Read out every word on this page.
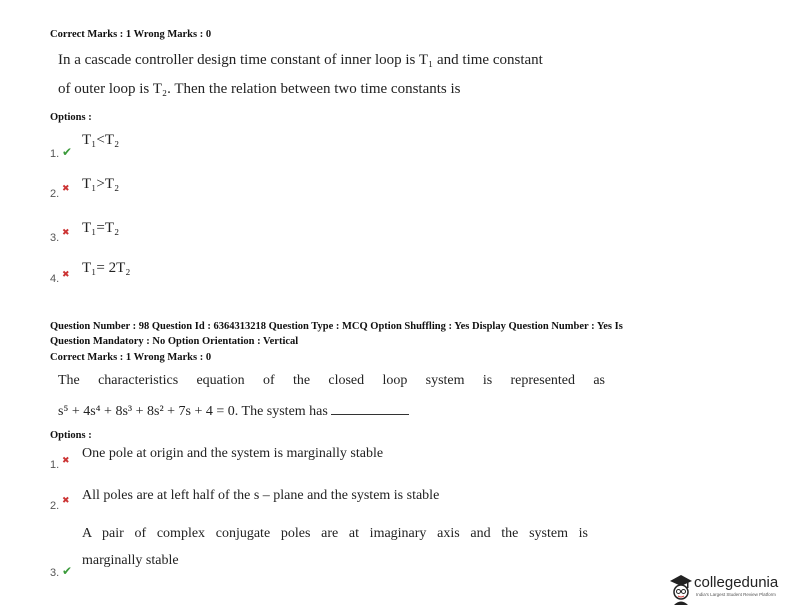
Correct Marks : 1 Wrong Marks : 0
In a cascade controller design time constant of inner loop is T₁ and time constant
of outer loop is T₂. Then the relation between two time constants is
Options :
1. ✔
T₁<T₂
2. ✖ T₁>T₂
3. ✖ T₁=T₂
4. ✖ T₁= 2T₂
Question Number : 98 Question Id : 6364313218 Question Type : MCQ Option Shuffling : Yes Display Question Number : Yes Is
Question Mandatory : No Option Orientation : Vertical
Correct Marks : 1 Wrong Marks : 0
The characteristics equation of the closed loop system is represented as
s⁵ + 4s⁴ + 8s³ + 8s² + 7s + 4 = 0. The system has
Options :
1. ✖ One pole at origin and the system is marginally stable
2. ✖ All poles are at left half of the s – plane and the system is stable
A pair of complex conjugate poles are at imaginary axis and the system is
3. ✔
marginally stable
collegedunia
India's Largest Student Review Platform
